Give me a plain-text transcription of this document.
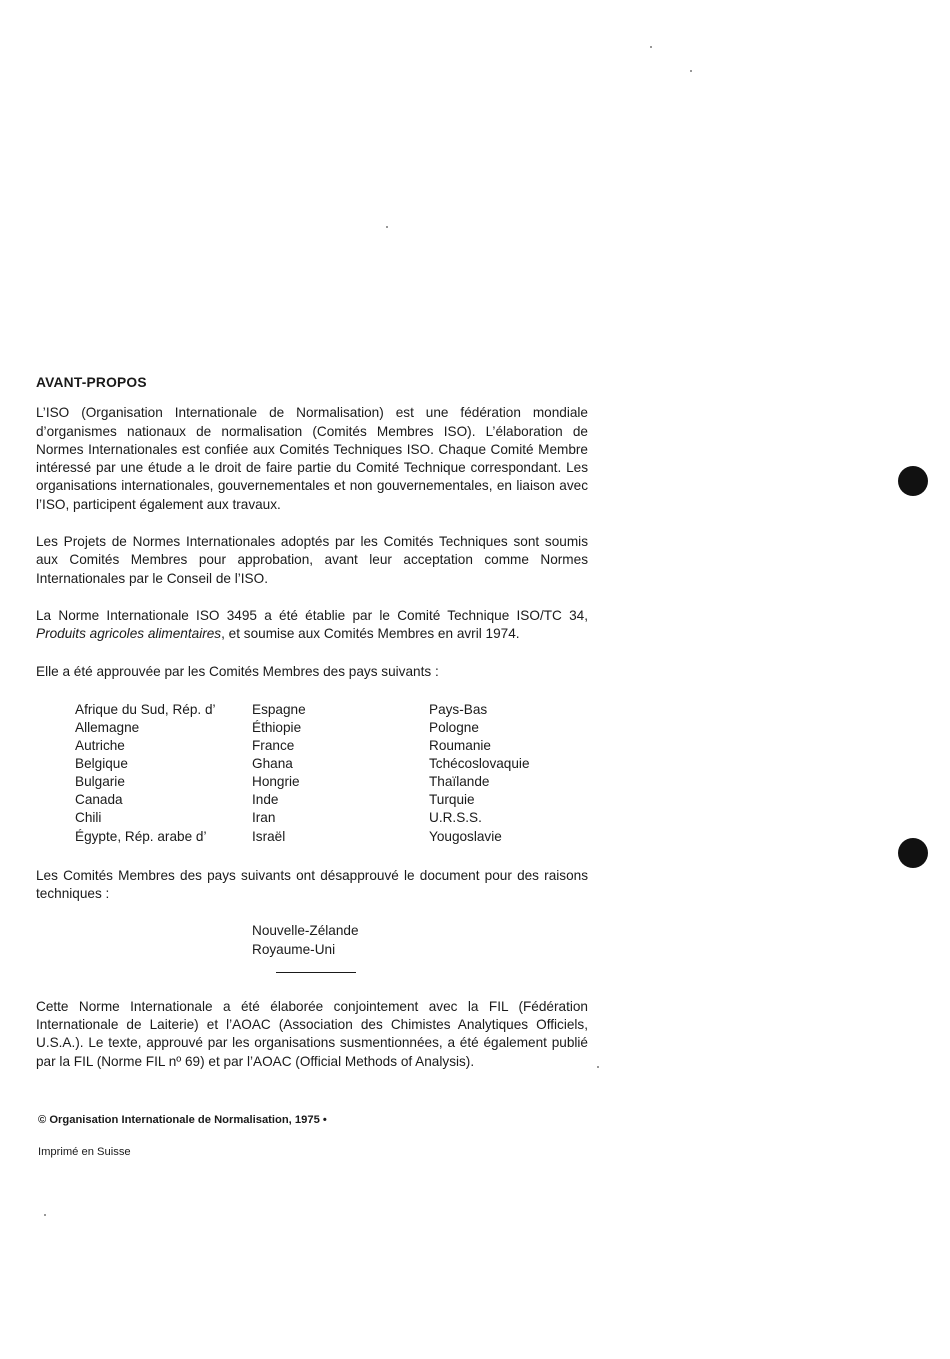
AVANT-PROPOS

L’ISO (Organisation Internationale de Normalisation) est une fédération mondiale d’organismes nationaux de normalisation (Comités Membres ISO). L’élaboration de Normes Internationales est confiée aux Comités Techniques ISO. Chaque Comité Membre intéressé par une étude a le droit de faire partie du Comité Technique correspondant. Les organisations internationales, gouvernementales et non gouvernementales, en liaison avec l’ISO, participent également aux travaux.

Les Projets de Normes Internationales adoptés par les Comités Techniques sont soumis aux Comités Membres pour approbation, avant leur acceptation comme Normes Internationales par le Conseil de l’ISO.

La Norme Internationale ISO 3495 a été établie par le Comité Technique ISO/TC 34, Produits agricoles alimentaires, et soumise aux Comités Membres en avril 1974.

Elle a été approuvée par les Comités Membres des pays suivants :

Afrique du Sud, Rép. d’
Allemagne
Autriche
Belgique
Bulgarie
Canada
Chili
Égypte, Rép. arabe d’
Espagne
Éthiopie
France
Ghana
Hongrie
Inde
Iran
Israël
Pays-Bas
Pologne
Roumanie
Tchécoslovaquie
Thaïlande
Turquie
U.R.S.S.
Yougoslavie

Les Comités Membres des pays suivants ont désapprouvé le document pour des raisons techniques :

Nouvelle-Zélande
Royaume-Uni

Cette Norme Internationale a été élaborée conjointement avec la FIL (Fédération Internationale de Laiterie) et l’AOAC (Association des Chimistes Analytiques Officiels, U.S.A.). Le texte, approuvé par les organisations susmentionnées, a été également publié par la FIL (Norme FIL nº 69) et par l’AOAC (Official Methods of Analysis).

© Organisation Internationale de Normalisation, 1975 •

Imprimé en Suisse
